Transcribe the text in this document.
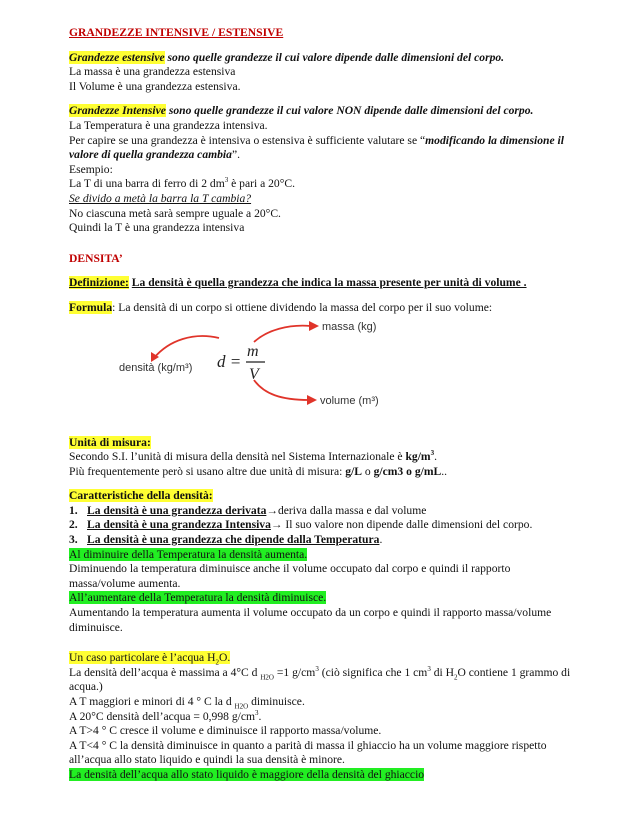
GRANDEZZE INTENSIVE / ESTENSIVE
Grandezze estensive sono quelle grandezze il cui valore dipende dalle dimensioni del corpo.
La massa è una grandezza estensiva
Il Volume è una grandezza estensiva.
Grandezze Intensive sono quelle grandezze il cui valore NON dipende dalle dimensioni del corpo.
La Temperatura è una grandezza intensiva.
Per capire se una grandezza è intensiva o estensiva è sufficiente valutare se “modificando la dimensione il
valore di quella grandezza cambia”.
Esempio:
La T di una barra di ferro di 2 $dm^3$ è pari a 20°C.
Se divido a metà la barra la T cambia?
No ciascuna metà sarà sempre uguale a 20°C.
Quindi la T è una grandezza intensiva
DENSITA’
Definizione: La densità è quella grandezza che indica la massa presente per unità di volume .
Formula: La densità di un corpo si ottiene dividendo la massa del corpo per il suo volume:
densità (kg/m³) d =
m
V
massa (kg)
volume (m³)
Unità di misura:
Secondo S.I. l’unità di misura della densità nel Sistema Internazionale è $kg/m^3$.
Più frequentemente però si usano altre due unità di misura: g/L o g/cm3 o g/mL..
Caratteristiche della densità:
1. La densità è una grandezza derivata →deriva dalla massa e dal volume
2. La densità è una grandezza Intensiva → Il suo valore non dipende dalle dimensioni del corpo.
3. La densità è una grandezza che dipende dalla Temperatura .
Al diminuire della Temperatura la densità aumenta.
Diminuendo la temperatura diminuisce anche il volume occupato dal corpo e quindi il rapporto
massa/volume aumenta.
All’aumentare della Temperatura la densità diminuisce.
Aumentando la temperatura aumenta il volume occupato da un corpo e quindi il rapporto massa/volume
diminuisce.
Un caso particolare è l’acqua $H_2O$.
La densità dell’acqua è massima a 4°C d $_{H2O}$ =1 $g/cm^3$ (ciò significa che 1 $cm^3$ di $H_2O$ contiene 1 grammo di
acqua.)
A T maggiori e minori di 4 ° C la d $_{H2O}$ diminuisce.
A 20°C densità dell’acqua = 0,998 $g/cm^3$.
A T>4 ° C cresce il volume e diminuisce il rapporto massa/volume.
A T<4 ° C la densità diminuisce in quanto a parità di massa il ghiaccio ha un volume maggiore rispetto
all’acqua allo stato liquido e quindi la sua densità è minore.
La densità dell’acqua allo stato liquido è maggiore della densità del ghiaccio
